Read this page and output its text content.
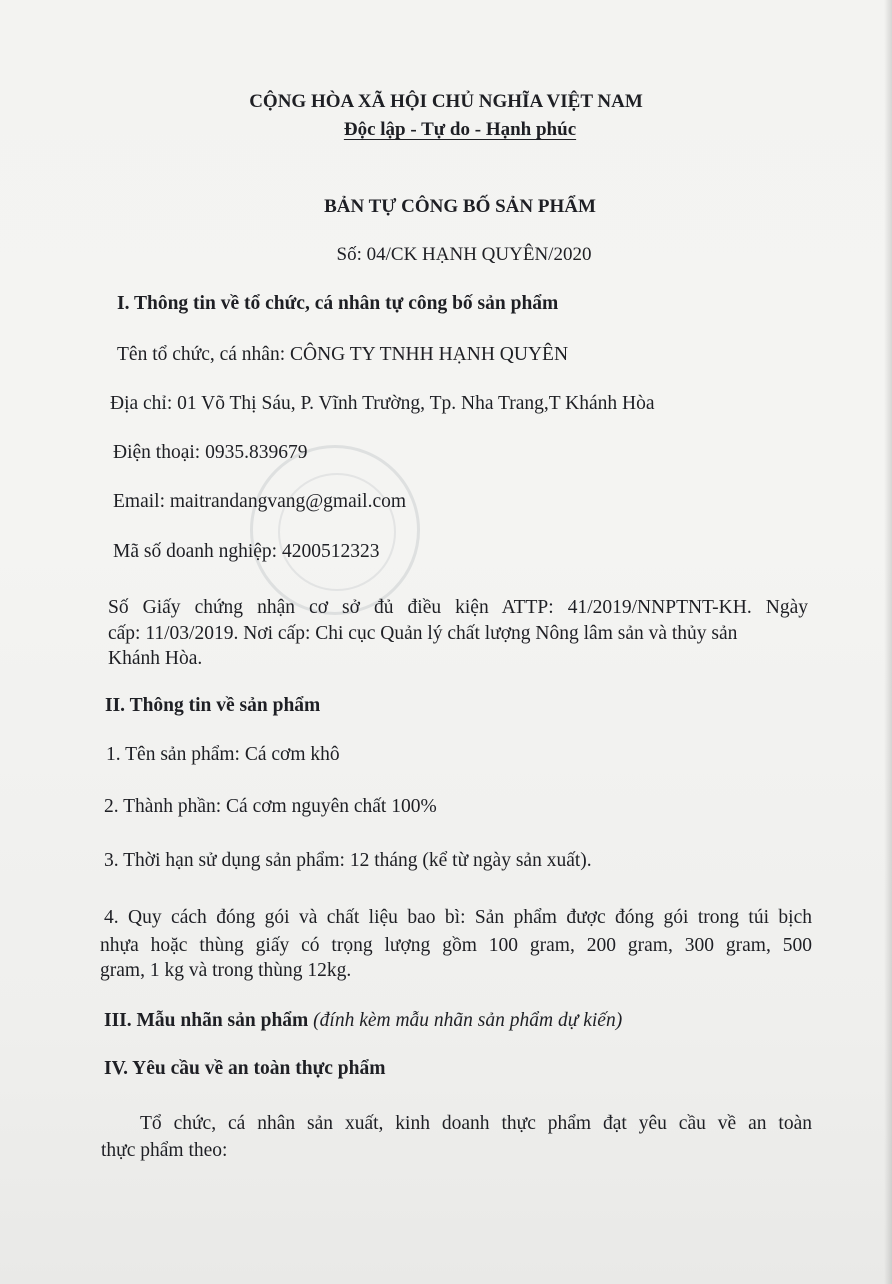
CỘNG HÒA XÃ HỘI CHỦ NGHĨA VIỆT NAM
Độc lập - Tự do - Hạnh phúc
BẢN TỰ CÔNG BỐ SẢN PHẨM
Số: 04/CK HẠNH QUYÊN/2020
I. Thông tin về tổ chức, cá nhân tự công bố sản phẩm
Tên tổ chức, cá nhân: CÔNG TY TNHH HẠNH QUYÊN
Địa chỉ: 01 Võ Thị Sáu, P. Vĩnh Trường, Tp. Nha Trang,T Khánh Hòa
Điện thoại: 0935.839679
Email: maitrandangvang@gmail.com
Mã số doanh nghiệp: 4200512323
Số Giấy chứng nhận cơ sở đủ điều kiện ATTP: 41/2019/NNPTNT-KH. Ngày
cấp: 11/03/2019. Nơi cấp: Chi cục Quản lý chất lượng Nông lâm sản và thủy sản
Khánh Hòa.
II. Thông tin về sản phẩm
1. Tên sản phẩm: Cá cơm khô
2. Thành phần: Cá cơm nguyên chất 100%
3. Thời hạn sử dụng sản phẩm: 12 tháng (kể từ ngày sản xuất).
4. Quy cách đóng gói và chất liệu bao bì: Sản phẩm được đóng gói trong túi bịch
nhựa hoặc thùng giấy có trọng lượng gồm 100 gram, 200 gram, 300 gram, 500
gram, 1 kg và trong thùng 12kg.
III. Mẫu nhãn sản phẩm (đính kèm mẫu nhãn sản phẩm dự kiến)
IV. Yêu cầu về an toàn thực phẩm
Tổ chức, cá nhân sản xuất, kinh doanh thực phẩm đạt yêu cầu về an toàn
thực phẩm theo:
